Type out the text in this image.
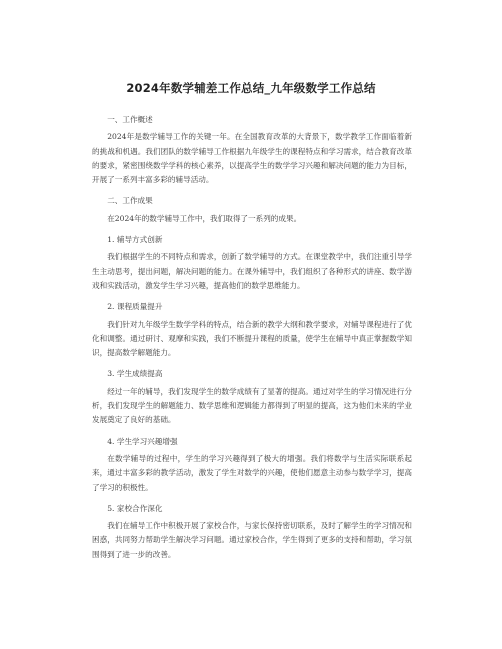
2024年数学辅差工作总结_九年级数学工作总结

一、工作概述

2024年是数学辅导工作的关键一年。在全国教育改革的大背景下，数学教学工作面临着新的挑战和机遇。我们团队的数学辅导工作根据九年级学生的课程特点和学习需求，结合教育改革的要求，紧密围绕数学学科的核心素养，以提高学生的数学学习兴趣和解决问题的能力为目标，开展了一系列丰富多彩的辅导活动。

二、工作成果

在2024年的数学辅导工作中，我们取得了一系列的成果。

1. 辅导方式创新

我们根据学生的不同特点和需求，创新了数学辅导的方式。在课堂教学中，我们注重引导学生主动思考，提出问题，解决问题的能力。在课外辅导中，我们组织了各种形式的讲座、数学游戏和实践活动，激发学生学习兴趣，提高他们的数学思维能力。

2. 课程质量提升

我们针对九年级学生数学学科的特点，结合新的教学大纲和教学要求，对辅导课程进行了优化和调整。通过研讨、观摩和实践，我们不断提升课程的质量，使学生在辅导中真正掌握数学知识，提高数学解题能力。

3. 学生成绩提高

经过一年的辅导，我们发现学生的数学成绩有了显著的提高。通过对学生的学习情况进行分析，我们发现学生的解题能力、数学思维和逻辑能力都得到了明显的提高，这为他们未来的学业发展奠定了良好的基础。

4. 学生学习兴趣增强

在数学辅导的过程中，学生的学习兴趣得到了极大的增强。我们将数学与生活实际联系起来，通过丰富多彩的教学活动，激发了学生对数学的兴趣，使他们愿意主动参与数学学习，提高了学习的积极性。

5. 家校合作深化

我们在辅导工作中积极开展了家校合作，与家长保持密切联系，及时了解学生的学习情况和困惑，共同努力帮助学生解决学习问题。通过家校合作，学生得到了更多的支持和帮助，学习氛围得到了进一步的改善。
